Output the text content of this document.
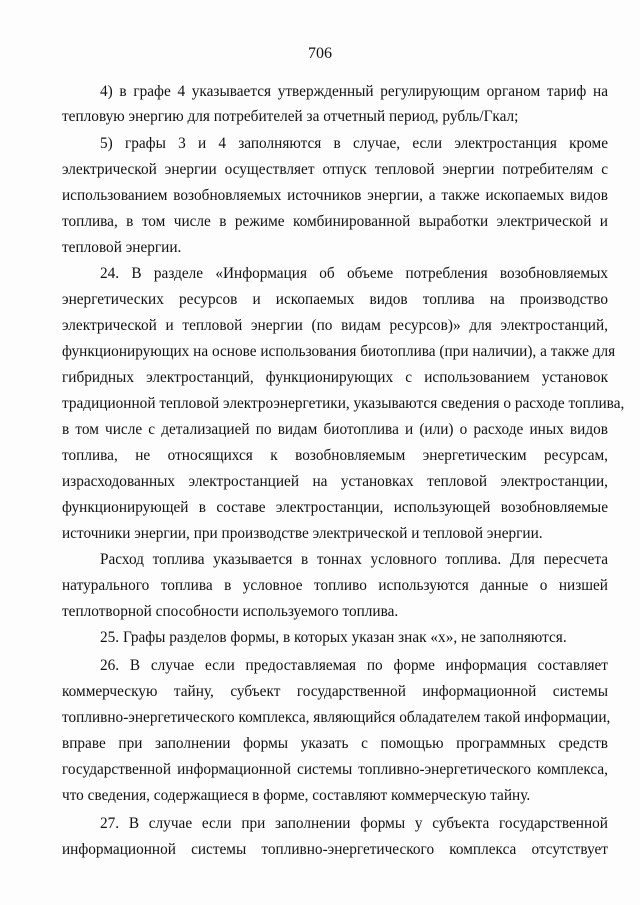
706
4) в графе 4 указывается утвержденный регулирующим органом тариф на
тепловую энергию для потребителей за отчетный период, рубль/Гкал;
5) графы 3 и 4 заполняются в случае, если электростанция кроме
электрической энергии осуществляет отпуск тепловой энергии потребителям с
использованием возобновляемых источников энергии, а также ископаемых видов
топлива, в том числе в режиме комбинированной выработки электрической и
тепловой энергии.
24. В разделе «Информация об объеме потребления возобновляемых
энергетических ресурсов и ископаемых видов топлива на производство
электрической и тепловой энергии (по видам ресурсов)» для электростанций,
функционирующих на основе использования биотоплива (при наличии), а также для
гибридных электростанций, функционирующих с использованием установок
традиционной тепловой электроэнергетики, указываются сведения о расходе топлива,
в том числе с детализацией по видам биотоплива и (или) о расходе иных видов
топлива, не относящихся к возобновляемым энергетическим ресурсам,
израсходованных электростанцией на установках тепловой электростанции,
функционирующей в составе электростанции, использующей возобновляемые
источники энергии, при производстве электрической и тепловой энергии.
Расход топлива указывается в тоннах условного топлива. Для пересчета
натурального топлива в условное топливо используются данные о низшей
теплотворной способности используемого топлива.
25. Графы разделов формы, в которых указан знак «х», не заполняются.
26. В случае если предоставляемая по форме информация составляет
коммерческую тайну, субъект государственной информационной системы
топливно-энергетического комплекса, являющийся обладателем такой информации,
вправе при заполнении формы указать с помощью программных средств
государственной информационной системы топливно-энергетического комплекса,
что сведения, содержащиеся в форме, составляют коммерческую тайну.
27. В случае если при заполнении формы у субъекта государственной
информационной системы топливно-энергетического комплекса отсутствует
